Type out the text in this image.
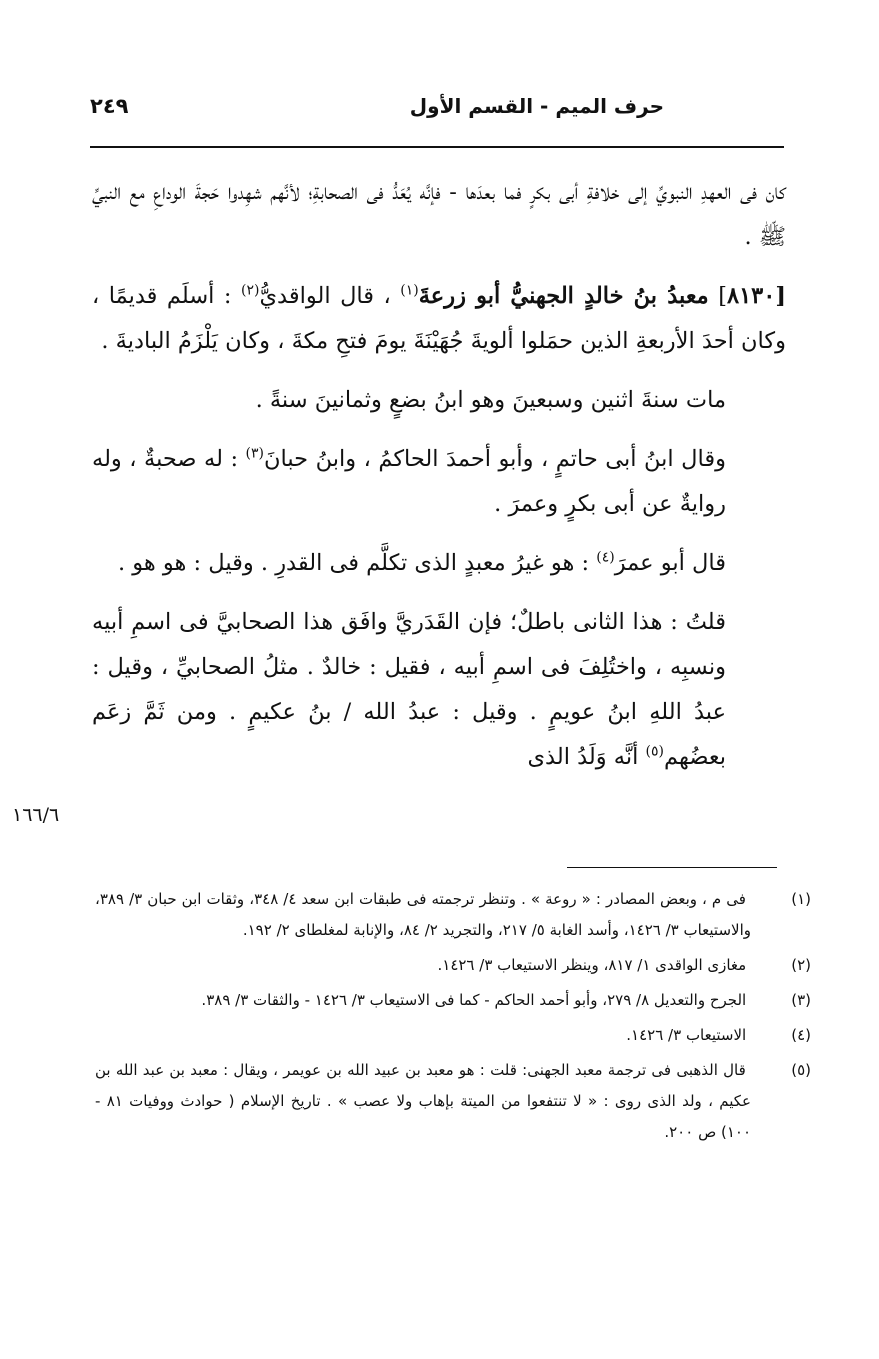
حرف الميم - القسم الأول
٢٤٩

كان فى العهدِ النبويِّ إلى خلافةِ أبى بكرٍ فما بعدَها - فإنَّه يُعَدُّ فى الصحابةِ؛ لأنَّهم شهِدوا حَجةَ الوداعِ مع النبيِّ ﷺ .

[٨١٣٠] معبدُ بنُ خالدٍ الجهنيُّ أبو زرعةَ$^{(١)}$ ، قال الواقديُّ$^{(٢)}$ : أسلَم قديمًا ، وكان أحدَ الأربعةِ الذين حمَلوا ألويةَ جُهَيْنَةَ يومَ فتحِ مكةَ ، وكان يَلْزَمُ الباديةَ .

مات سنةَ اثنين وسبعينَ وهو ابنُ بضعٍ وثمانينَ سنةً .

وقال ابنُ أبى حاتمٍ ، وأبو أحمدَ الحاكمُ ، وابنُ حبانَ$^{(٣)}$ : له صحبةٌ ، وله روايةٌ عن أبى بكرٍ وعمرَ .

قال أبو عمرَ$^{(٤)}$ : هو غيرُ معبدٍ الذى تكلَّم فى القدرِ . وقيل : هو هو .

قلتُ : هذا الثانى باطلٌ؛ فإن القَدَريَّ وافَق هذا الصحابيَّ فى اسمِ أبيه ونسبِه ، واختُلِفَ فى اسمِ أبيه ، فقيل : خالدٌ . مثلُ الصحابيِّ ، وقيل : عبدُ اللهِ ابنُ عويمٍ . وقيل : عبدُ الله / بنُ عكيمٍ . ومن ثَمَّ زعَم بعضُهم$^{(٥)}$ أنَّه وَلَدُ الذى

١٦٦/٦

(١) فى م ، وبعض المصادر : « روعة » . وتنظر ترجمته فى طبقات ابن سعد ٤/ ٣٤٨، وثقات ابن حبان ٣/ ٣٨٩، والاستيعاب ٣/ ١٤٢٦، وأسد الغابة ٥/ ٢١٧، والتجريد ٢/ ٨٤، والإنابة لمغلطاى ٢/ ١٩٢.

(٢) مغازى الواقدى ١/ ٨١٧، وينظر الاستيعاب ٣/ ١٤٢٦.

(٣) الجرح والتعديل ٨/ ٢٧٩، وأبو أحمد الحاكم - كما فى الاستيعاب ٣/ ١٤٢٦ - والثقات ٣/ ٣٨٩.

(٤) الاستيعاب ٣/ ١٤٢٦.

(٥) قال الذهبى فى ترجمة معبد الجهنى: قلت : هو معبد بن عبيد الله بن عويمر ، ويقال : معبد بن عبد الله بن عكيم ، ولد الذى روى : « لا تنتفعوا من الميتة بإهاب ولا عصب » . تاريخ الإسلام ( حوادث ووفيات ٨١ - ١٠٠) ص ٢٠٠.
